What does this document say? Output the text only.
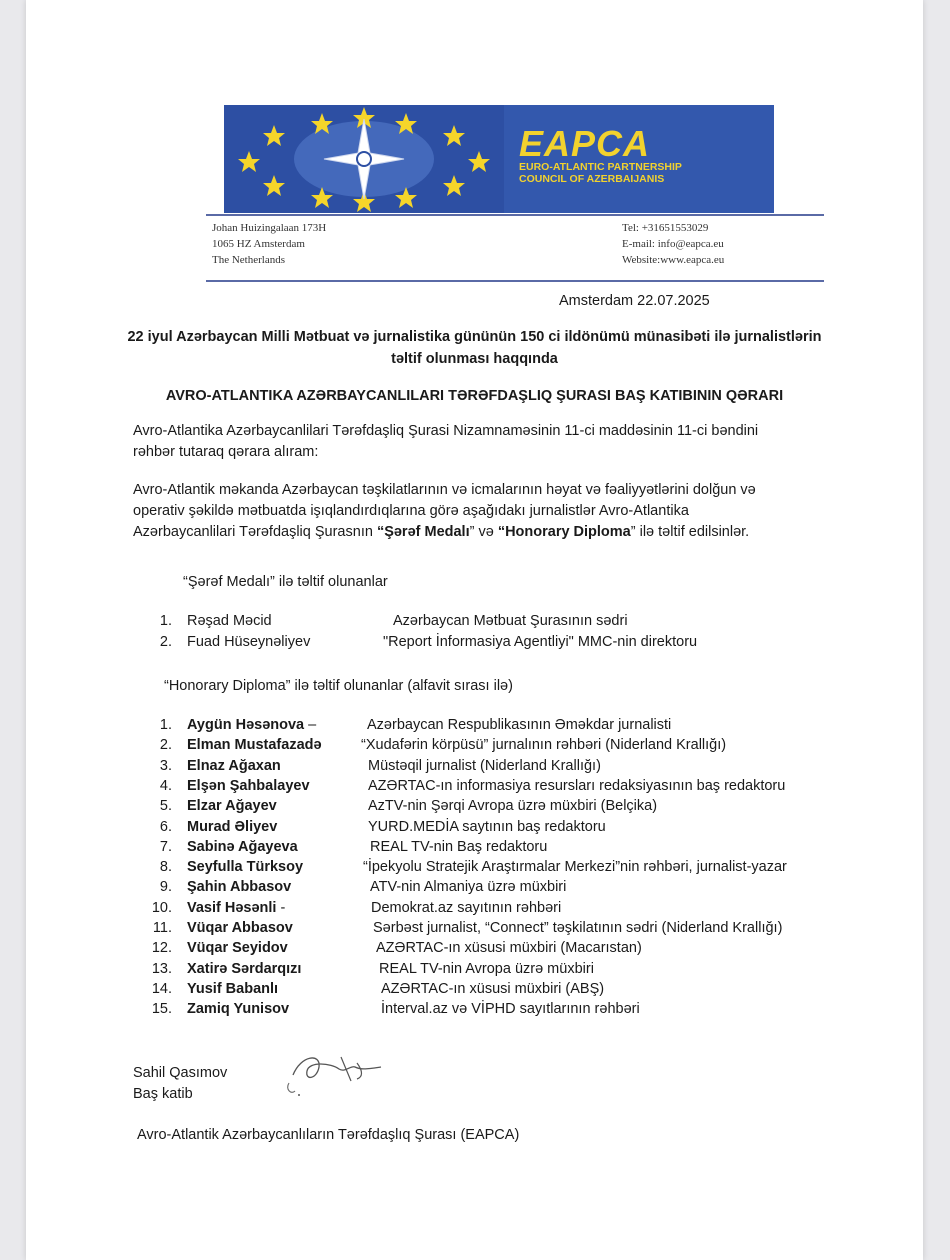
EAPCA
EURO-ATLANTIC PARTNERSHIP
COUNCIL OF AZERBAIJANIS
Johan Huizingalaan 173H
1065 HZ Amsterdam
The Netherlands
Tel: +31651553029
E-mail: info@eapca.eu
Website:www.eapca.eu
Amsterdam 22.07.2025
22 iyul Azərbaycan Milli Mətbuat və jurnalistika gününün 150 ci ildönümü münasibəti ilə jurnalistlərin
təltif olunması haqqında
AVRO-ATLANTIKA AZƏRBAYCANLILARI TƏRƏFDAŞLIQ ŞURASI BAŞ KATIBININ QƏRARI
Avro-Atlantika Azərbaycanlilari Tərəfdaşliq Şurasi Nizamnaməsinin 11-ci maddəsinin 11-ci bəndini
rəhbər tutaraq qərara alıram:
Avro-Atlantik məkanda Azərbaycan təşkilatlarının və icmalarının həyat və fəaliyyətlərini dolğun və
operativ şəkildə mətbuatda işıqlandırdıqlarına görə aşağıdakı jurnalistlər Avro-Atlantika
Azərbaycanlilari Tərəfdaşliq Şurasnın “Şərəf Medalı” və “Honorary Diploma” ilə təltif edilsinlər.
“Şərəf Medalı” ilə təltif olunanlar
1. Rəşad Məcid	Azərbaycan Mətbuat Şurasının sədri
2. Fuad Hüseynəliyev	"Report İnformasiya Agentliyi" MMC-nin direktoru
“Honorary Diploma” ilə təltif olunanlar (alfavit sırası ilə)
1. Aygün Həsənova –	Azərbaycan Respublikasının Əməkdar jurnalisti
2. Elman Mustafazadə	“Xudafərin körpüsü” jurnalının rəhbəri (Niderland Krallığı)
3. Elnaz Ağaxan	Müstəqil jurnalist (Niderland Krallığı)
4. Elşən Şahbalayev	AZƏRTAC-ın informasiya resursları redaksiyasının baş redaktoru
5. Elzar Ağayev	AzTV-nin Şərqi Avropa üzrə müxbiri (Belçika)
6. Murad Əliyev	YURD.MEDİA saytının baş redaktoru
7. Sabinə Ağayeva	REAL TV-nin Baş redaktoru
8. Seyfulla Türksoy	“İpekyolu Stratejik Araştırmalar Merkezi”nin rəhbəri, jurnalist-yazar
9. Şahin Abbasov	ATV-nin Almaniya üzrə müxbiri
10. Vasif Həsənli -	Demokrat.az sayıtının rəhbəri
11. Vüqar Abbasov	Sərbəst jurnalist, “Connect” təşkilatının sədri (Niderland Krallığı)
12. Vüqar Seyidov	AZƏRTAC-ın xüsusi müxbiri (Macarıstan)
13. Xatirə Sərdarqızı	REAL TV-nin Avropa üzrə müxbiri
14. Yusif Babanlı	AZƏRTAC-ın xüsusi müxbiri (ABŞ)
15. Zamiq Yunisov	İnterval.az və VİPHD sayıtlarının rəhbəri
Sahil Qasımov
Baş katib
Avro-Atlantik Azərbaycanlıların Tərəfdaşlıq Şurası (EAPCA)
